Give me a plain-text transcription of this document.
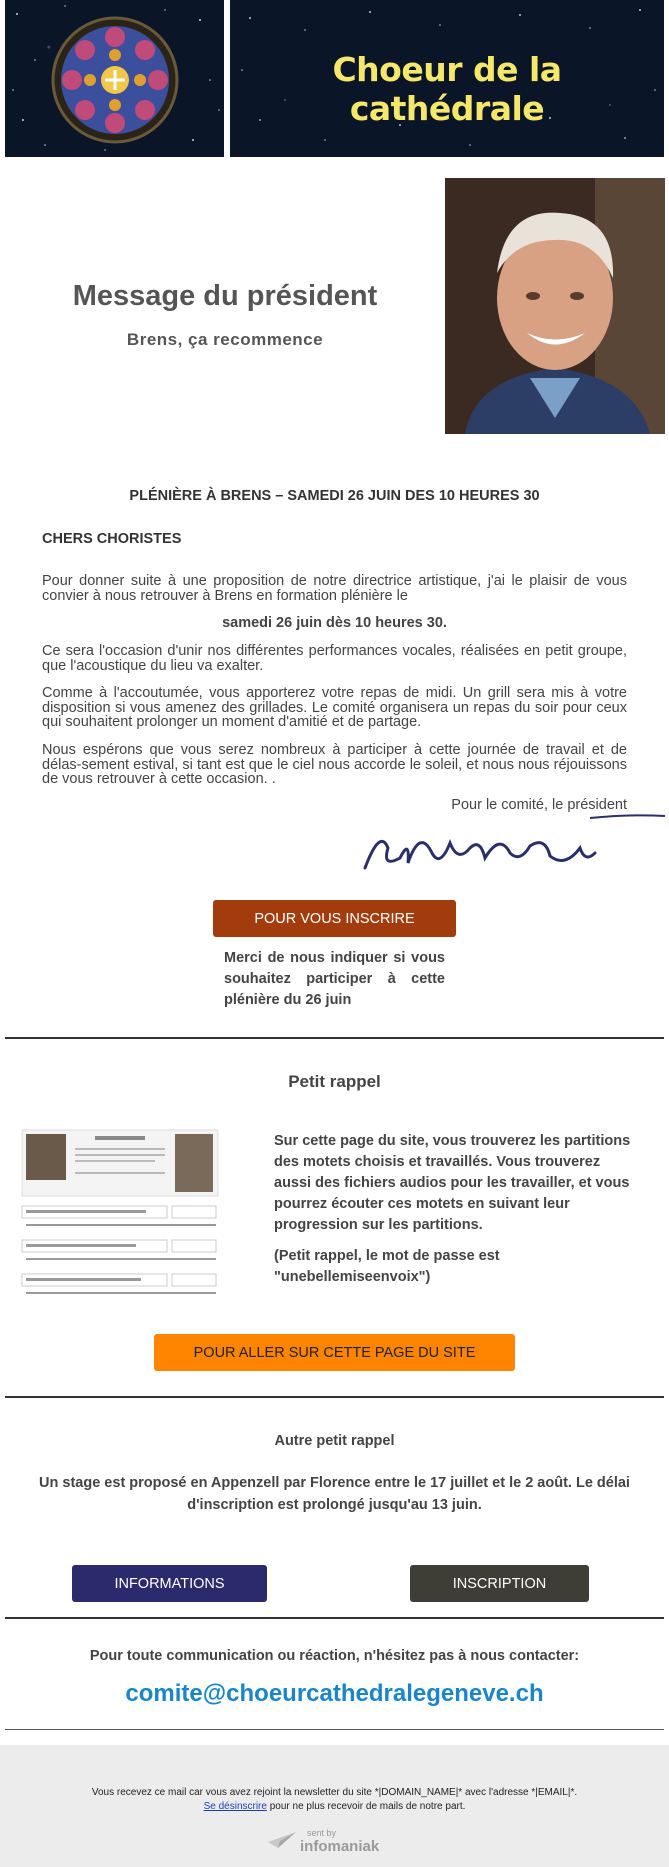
Choeur de la cathédrale
Message du président
Brens, ça recommence
PLÉNIÈRE À BRENS – SAMEDI 26 JUIN DES 10 HEURES 30
CHERS CHORISTES
Pour donner suite à une proposition de notre directrice artistique, j'ai le plaisir de vous convier à nous retrouver à Brens en formation plénière le
samedi 26 juin dès 10 heures 30.
Ce sera l'occasion d'unir nos différentes performances vocales, réalisées en petit groupe, que l'acoustique du lieu va exalter.
Comme à l'accoutumée, vous apporterez votre repas de midi. Un grill sera mis à votre disposition si vous amenez des grillades. Le comité organisera un repas du soir pour ceux qui souhaitent prolonger un moment d'amitié et de partage.
Nous espérons que vous serez nombreux à participer à cette journée de travail et de délas-sement estival, si tant est que le ciel nous accorde le soleil, et nous nous réjouissons de vous retrouver à cette occasion. .
Pour le comité, le président
POUR VOUS INSCRIRE
Merci de nous indiquer si vous souhaitez participer à cette plénière du 26 juin
Petit rappel
Sur cette page du site, vous trouverez les partitions des motets choisis et travaillés. Vous trouverez aussi des fichiers audios pour les travailler, et vous pourrez écouter ces motets en suivant leur progression sur les partitions.
(Petit rappel, le mot de passe est "unebellemiseenvoix")
POUR ALLER SUR CETTE PAGE DU SITE
Autre petit rappel
Un stage est proposé en Appenzell par Florence entre le 17 juillet et le 2 août. Le délai d'inscription est prolongé jusqu'au 13 juin.
INFORMATIONS	INSCRIPTION
Pour toute communication ou réaction, n'hésitez pas à nous contacter:
comite@choeurcathedralegeneve.ch
Vous recevez ce mail car vous avez rejoint la newsletter du site *|DOMAIN_NAME|* avec l'adresse *|EMAIL|*.
Se désinscrire pour ne plus recevoir de mails de notre part.
sent by
infomaniak
